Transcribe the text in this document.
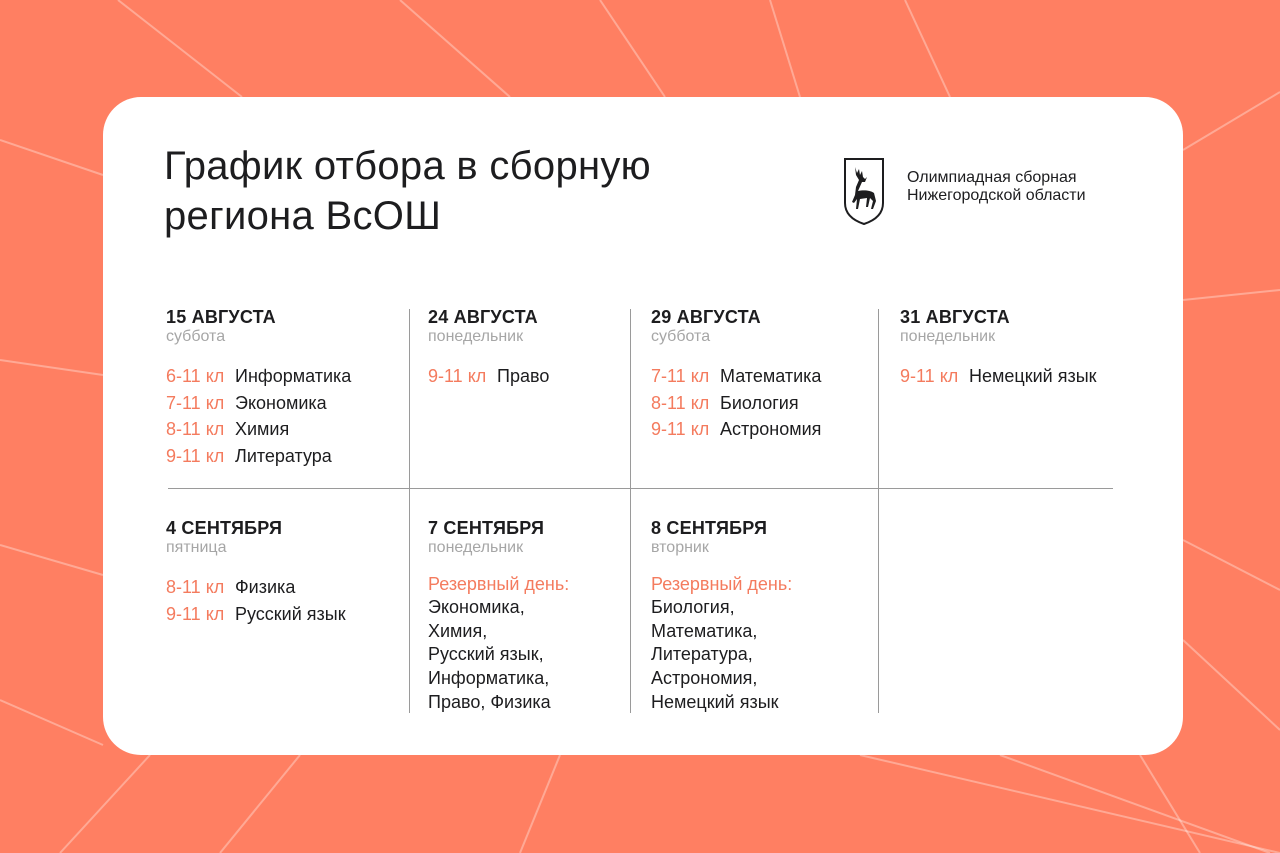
График отбора в сборную
региона ВсОШ
Олимпиадная сборная
Нижегородской области
15 АВГУСТА
суббота
6-11 кл Информатика
7-11 кл Экономика
8-11 кл Химия
9-11 кл Литература
24 АВГУСТА
понедельник
9-11 кл Право
29 АВГУСТА
суббота
7-11 кл Математика
8-11 кл Биология
9-11 кл Астрономия
31 АВГУСТА
понедельник
9-11 кл Немецкий язык
4 СЕНТЯБРЯ
пятница
8-11 кл Физика
9-11 кл Русский язык
7 СЕНТЯБРЯ
понедельник
Резервный день:
Экономика,
Химия,
Русский язык,
Информатика,
Право, Физика
8 СЕНТЯБРЯ
вторник
Резервный день:
Биология,
Математика,
Литература,
Астрономия,
Немецкий язык
